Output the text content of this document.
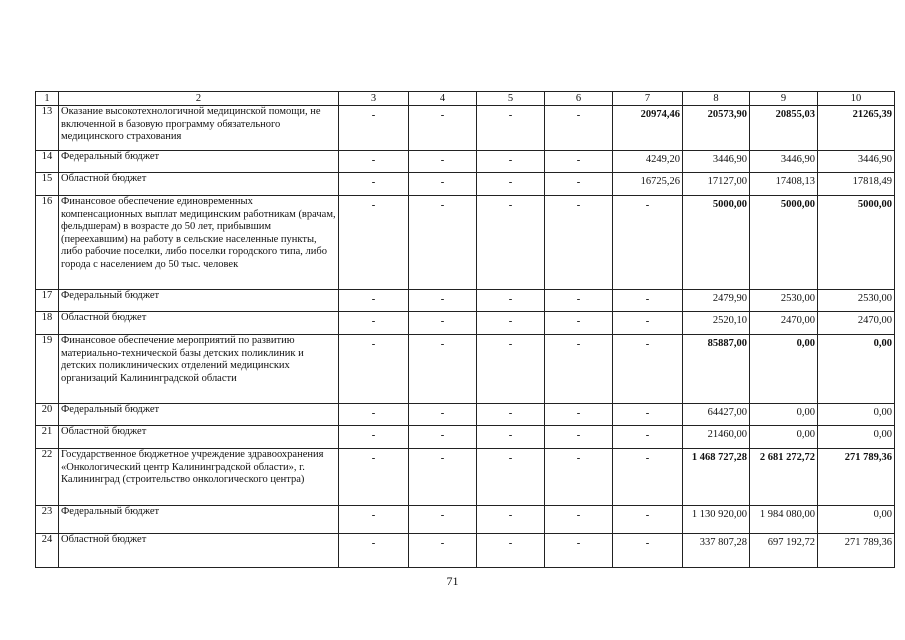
1	2	3	4	5	6	7	8	9	10
13	Оказание высокотехнологичной медицинской помощи, не включенной в базовую программу обязательного медицинского страхования	-	-	-	-	20974,46	20573,90	20855,03	21265,39
14	Федеральный бюджет	-	-	-	-	4249,20	3446,90	3446,90	3446,90
15	Областной бюджет	-	-	-	-	16725,26	17127,00	17408,13	17818,49
16	Финансовое обеспечение единовременных компенсационных выплат медицинским работникам (врачам, фельдшерам) в возрасте до 50 лет, прибывшим (переехавшим) на работу в сельские населенные пункты, либо рабочие поселки, либо поселки городского типа, либо города с населением до 50 тыс. человек	-	-	-	-	-	5000,00	5000,00	5000,00
17	Федеральный бюджет	-	-	-	-	-	2479,90	2530,00	2530,00
18	Областной бюджет	-	-	-	-	-	2520,10	2470,00	2470,00
19	Финансовое обеспечение мероприятий по развитию материально-технической базы детских поликлиник и детских поликлинических отделений медицинских организаций Калининградской области	-	-	-	-	-	85887,00	0,00	0,00
20	Федеральный бюджет	-	-	-	-	-	64427,00	0,00	0,00
21	Областной бюджет	-	-	-	-	-	21460,00	0,00	0,00
22	Государственное бюджетное учреждение здравоохранения «Онкологический центр Калининградской области», г. Калининград (строительство онкологического центра)	-	-	-	-	-	1 468 727,28	2 681 272,72	271 789,36
23	Федеральный бюджет	-	-	-	-	-	1 130 920,00	1 984 080,00	0,00
24	Областной бюджет	-	-	-	-	-	337 807,28	697 192,72	271 789,36
71
